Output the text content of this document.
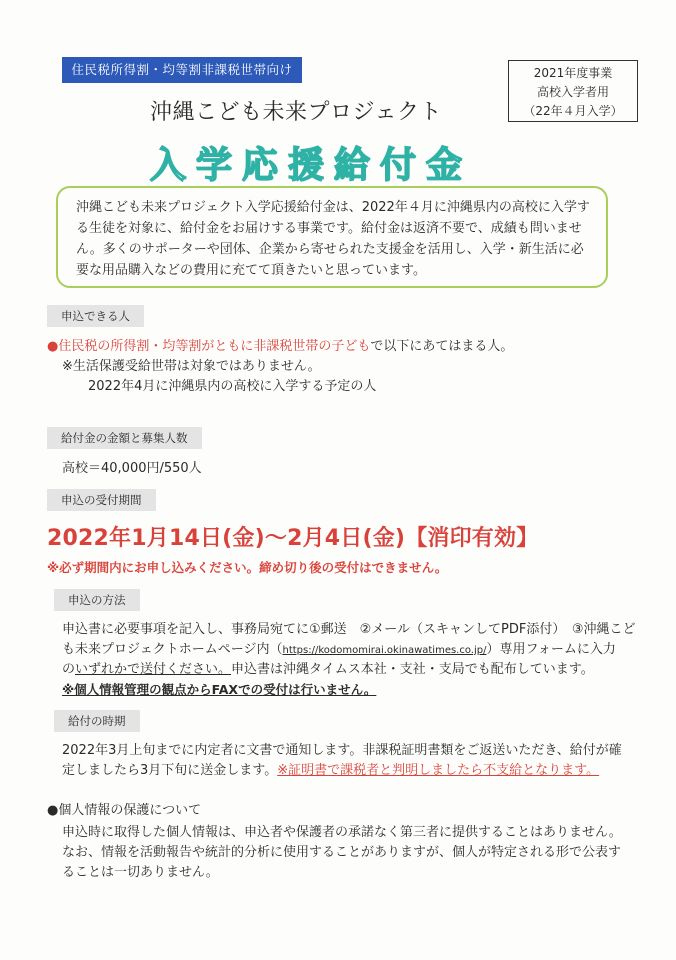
住民税所得割・均等割非課税世帯向け	2021年度事業
高校入学者用
（22年４月入学）
沖縄こども未来プロジェクト
入学応援給付金
沖縄こども未来プロジェクト入学応援給付金は、2022年４月に沖縄県内の高校に入学する生徒を対象に、給付金をお届けする事業です。給付金は返済不要で、成績も問いません。多くのサポーターや団体、企業から寄せられた支援金を活用し、入学・新生活に必要な用品購入などの費用に充てて頂きたいと思っています。
申込できる人
● 住民税の所得割・均等割がともに非課税世帯の子どもで以下にあてはまる人。
※生活保護受給世帯は対象ではありません。
2022年4月に沖縄県内の高校に入学する予定の人
給付金の金額と募集人数
高校＝40,000円/550人
申込の受付期間
2022年1月14日(金)～2月4日(金)【消印有効】
※必ず期間内にお申し込みください。締め切り後の受付はできません。
申込の方法
申込書に必要事項を記入し、事務局宛てに①郵送　②メール（スキャンしてPDF添付）　③沖縄こど
も未来プロジェクトホームページ内（https://kodomomirai.okinawatimes.co.jp/）専用フォームに入力
のいずれかで送付ください。申込書は沖縄タイムス本社・支社・支局でも配布しています。
※個人情報管理の観点からFAXでの受付は行いません。
給付の時期
2022年3月上旬までに内定者に文書で通知します。非課税証明書類をご返送いただき、給付が確
定しましたら3月下旬に送金します。※証明書で課税者と判明しましたら不支給となります。
● 個人情報の保護について
申込時に取得した個人情報は、申込者や保護者の承諾なく第三者に提供することはありません。
なお、情報を活動報告や統計的分析に使用することがありますが、個人が特定される形で公表す
ることは一切ありません。
